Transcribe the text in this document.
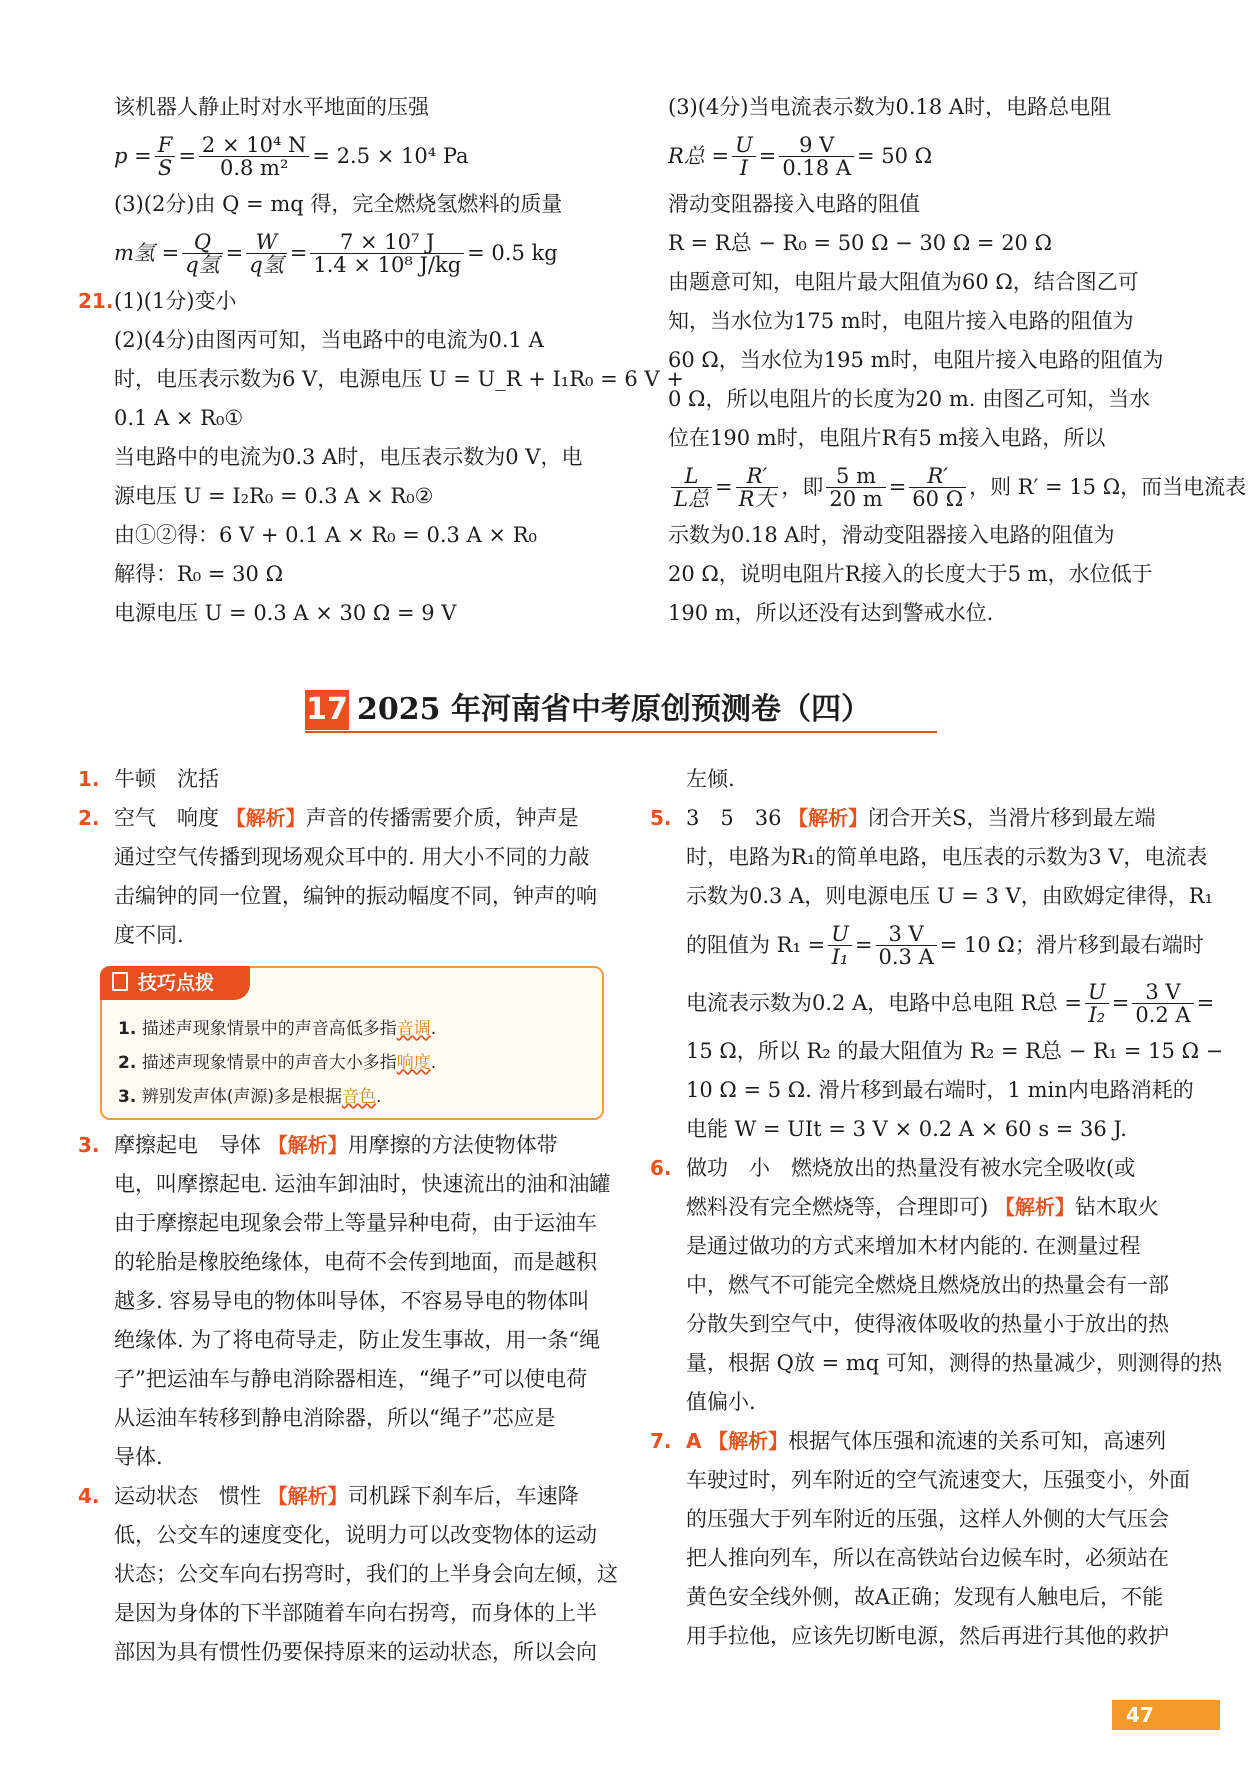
该机器人静止时对水平地面的压强
$p = \frac{F}{S} = \frac{\text{2 × 10⁴ N}}{\text{0.8 m²}} = 2.5 \times 10^4$ Pa
(3)(2分)由 Q = mq 得，完全燃烧氢燃料的质量
m氢 = $\frac{Q}{\text{q氢}} = \frac{W}{\text{q氢}} = \frac{\text{7 × 10⁷ J}}{\text{1.4 × 10⁸ J/kg}} = 0.5$ kg
21.(1)(1分)变小
(2)(4分)由图丙可知，当电路中的电流为0.1 A
时，电压表示数为6 V，电源电压 U = U_R + I₁R₀ = 6 V +
0.1 A × R₀①
当电路中的电流为0.3 A时，电压表示数为0 V，电
源电压 U = I₂R₀ = 0.3 A × R₀②
由①②得：6 V + 0.1 A × R₀ = 0.3 A × R₀
解得：R₀ = 30 Ω
电源电压 U = 0.3 A × 30 Ω = 9 V
(3)(4分)当电流表示数为0.18 A时，电路总电阻
R总 = $\frac{U}{I} = \frac{9 V}{0.18 A} = 50$ Ω
滑动变阻器接入电路的阻值
R = R总 − R₀ = 50 Ω − 30 Ω = 20 Ω
由题意可知，电阻片最大阻值为60 Ω，结合图乙可
知，当水位为175 m时，电阻片接入电路的阻值为
60 Ω，当水位为195 m时，电阻片接入电路的阻值为
0 Ω，所以电阻片的长度为20 m. 由图乙可知，当水
位在190 m时，电阻片R有5 m接入电路，所以
$\frac{L}{\text{L总}} = \frac{R'}{\text{R大}}$ ，即 $\frac{5 m}{20 m} = \frac{R'}{60 \Omega}$ ，则 R′ = 15 Ω，而当电流表
示数为0.18 A时，滑动变阻器接入电路的阻值为
20 Ω，说明电阻片R接入的长度大于5 m，水位低于
190 m，所以还没有达到警戒水位.
17 2025 年河南省中考原创预测卷（四）
1. 牛顿　沈括
2. 空气　响度 【解析】声音的传播需要介质，钟声是
通过空气传播到现场观众耳中的. 用大小不同的力敲
击编钟的同一位置，编钟的振动幅度不同，钟声的响
度不同.
技巧点拨
1. 描述声现象情景中的声音高低多指音调.
2. 描述声现象情景中的声音大小多指响度.
3. 辨别发声体(声源)多是根据音色.
3. 摩擦起电　导体 【解析】用摩擦的方法使物体带
电，叫摩擦起电. 运油车卸油时，快速流出的油和油罐
由于摩擦起电现象会带上等量异种电荷，由于运油车
的轮胎是橡胶绝缘体，电荷不会传到地面，而是越积
越多. 容易导电的物体叫导体，不容易导电的物体叫
绝缘体. 为了将电荷导走，防止发生事故，用一条“绳
子”把运油车与静电消除器相连，“绳子”可以使电荷
从运油车转移到静电消除器，所以“绳子”芯应是
导体.
4. 运动状态　惯性 【解析】司机踩下刹车后，车速降
低，公交车的速度变化，说明力可以改变物体的运动
状态；公交车向右拐弯时，我们的上半身会向左倾，这
是因为身体的下半部随着车向右拐弯，而身体的上半
部因为具有惯性仍要保持原来的运动状态，所以会向
左倾.
5. 3　5　36 【解析】闭合开关S，当滑片移到最左端
时，电路为R₁的简单电路，电压表的示数为3 V，电流表
示数为0.3 A，则电源电压 U = 3 V，由欧姆定律得，R₁
的阻值为 $R_1 = \frac{U}{\text{I₁}} = \frac{3 V}{0.3 A} = 10$ Ω；滑片移到最右端时
电流表示数为0.2 A，电路中总电阻 R总 = $\frac{U}{\text{I₂}} = \frac{3 V}{0.2 A}$ =
15 Ω，所以 R₂ 的最大阻值为 R₂ = R总 − R₁ = 15 Ω −
10 Ω = 5 Ω. 滑片移到最右端时，1 min内电路消耗的
电能 W = UIt = 3 V × 0.2 A × 60 s = 36 J.
6. 做功　小　燃烧放出的热量没有被水完全吸收(或
燃料没有完全燃烧等，合理即可) 【解析】钻木取火
是通过做功的方式来增加木材内能的. 在测量过程
中，燃气不可能完全燃烧且燃烧放出的热量会有一部
分散失到空气中，使得液体吸收的热量小于放出的热
量，根据 Q放 = mq 可知，测得的热量减少，则测得的热
值偏小.
7. A 【解析】根据气体压强和流速的关系可知，高速列
车驶过时，列车附近的空气流速变大，压强变小，外面
的压强大于列车附近的压强，这样人外侧的大气压会
把人推向列车，所以在高铁站台边候车时，必须站在
黄色安全线外侧，故A正确；发现有人触电后，不能
用手拉他，应该先切断电源，然后再进行其他的救护
47
